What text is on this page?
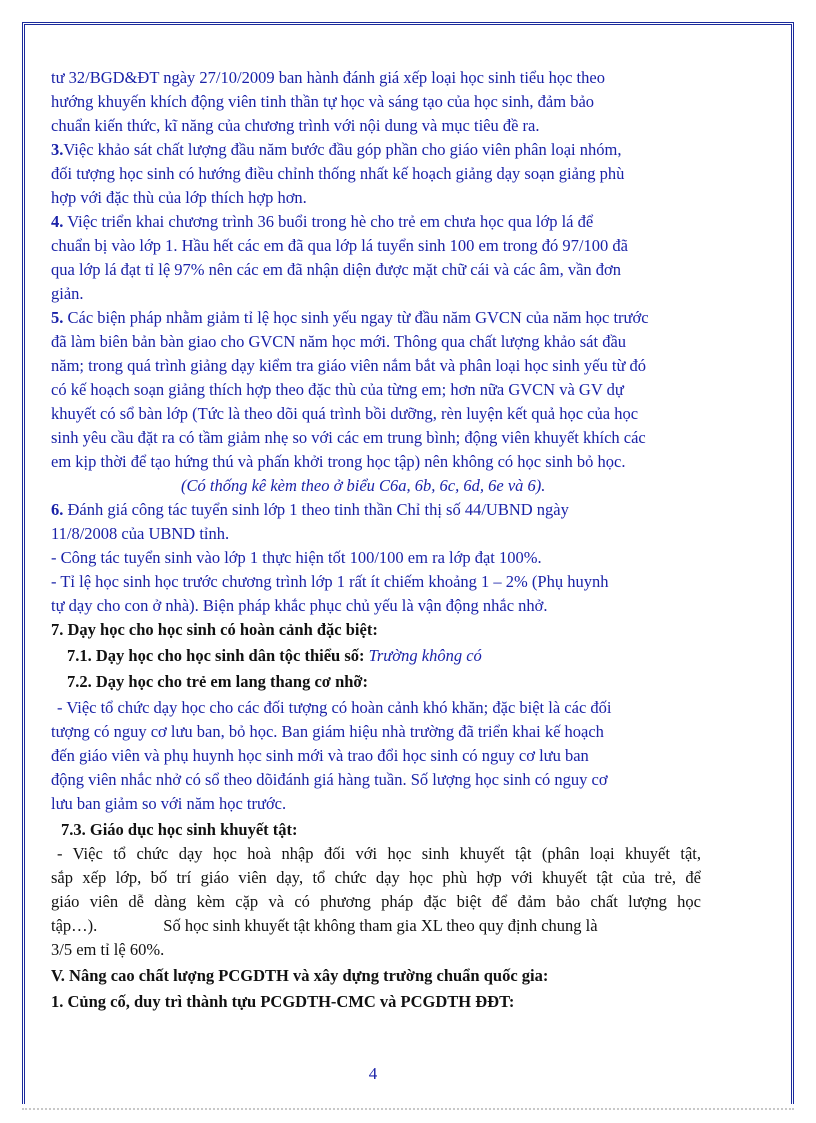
tư 32/BGD&ĐT ngày 27/10/2009 ban hành đánh giá xếp loại học sinh tiểu học theo
hướng khuyến khích động viên tinh thần tự học và sáng tạo của học sinh, đảm bảo
chuẩn kiến thức, kĩ năng của chương trình với nội dung và mục tiêu đề ra.
3.Việc khảo sát chất lượng đầu năm bước đầu góp phần cho giáo viên phân loại nhóm,
đối tượng học sinh có hướng điều chỉnh thống nhất kế hoạch giảng dạy soạn giảng phù
hợp với đặc thù của lớp thích hợp hơn.
4. Việc triển khai chương trình 36 buổi trong hè cho trẻ em chưa học qua lớp lá để
chuẩn bị vào lớp 1. Hầu hết các em đã qua lớp lá tuyển sinh 100 em trong đó 97/100 đã
qua lớp lá đạt tỉ lệ 97% nên các em đã nhận diện được mặt chữ cái và các âm, vần đơn
giản.
5. Các biện pháp nhằm giảm tỉ lệ học sinh yếu ngay từ đầu năm GVCN của năm học trước
đã làm biên bản bàn giao cho GVCN năm học mới. Thông qua chất lượng khảo sát đầu
năm; trong quá trình giảng dạy kiểm tra giáo viên nắm bắt và phân loại học sinh yếu từ đó
có kế hoạch soạn giảng thích hợp theo đặc thù của từng em; hơn nữa GVCN và GV dự
khuyết có sổ bàn lớp (Tức là theo dõi quá trình bồi dưỡng, rèn luyện kết quả học của học
sinh yêu cầu đặt ra có tầm giảm nhẹ so với các em trung bình; động viên khuyết khích các
em kịp thời để tạo hứng thú và phấn khởi trong học tập) nên không có học sinh bỏ học.
(Có thống kê kèm theo ở biểu C6a, 6b, 6c, 6d, 6e và 6).
6. Đánh giá công tác tuyển sinh lớp 1 theo tinh thần Chỉ thị số 44/UBND ngày
11/8/2008 của UBND tỉnh.
- Công tác tuyển sinh vào lớp 1 thực hiện tốt 100/100 em ra lớp đạt 100%.
- Tỉ lệ học sinh học trước chương trình lớp 1 rất ít chiếm khoảng 1 – 2% (Phụ huynh
tự dạy cho con ở nhà). Biện pháp khắc phục chủ yếu là vận động nhắc nhở.
7. Dạy học cho học sinh có hoàn cảnh đặc biệt:
7.1. Dạy học cho học sinh dân tộc thiểu số: Trường không có
7.2. Dạy học cho trẻ em lang thang cơ nhỡ:
- Việc tổ chức dạy học cho các đối tượng có hoàn cảnh khó khăn; đặc biệt là các đối
tượng có nguy cơ lưu ban, bỏ học. Ban giám hiệu nhà trường đã triển khai kế hoạch
đến giáo viên và phụ huynh học sinh mới và trao đổi học sinh có nguy cơ lưu ban
động viên nhắc nhở có sổ theo dõiđánh giá hàng tuần. Số lượng học sinh có nguy cơ
lưu ban giảm so với năm học trước.
7.3. Giáo dục học sinh khuyết tật:
- Việc tổ chức dạy học hoà nhập đối với học sinh khuyết tật (phân loại khuyết tật,
sắp xếp lớp, bố trí giáo viên dạy, tổ chức dạy học phù hợp với khuyết tật của trẻ, để
giáo viên dễ dàng kèm cặp và có phương pháp đặc biệt để đảm bảo chất lượng học
tập…).                Số học sinh khuyết tật không tham gia XL theo quy định chung là
3/5 em tỉ lệ 60%.
V. Nâng cao chất lượng PCGDTH và xây dựng trường chuẩn quốc gia:
1. Củng cố, duy trì thành tựu PCGDTH-CMC và PCGDTH ĐĐT:
4
